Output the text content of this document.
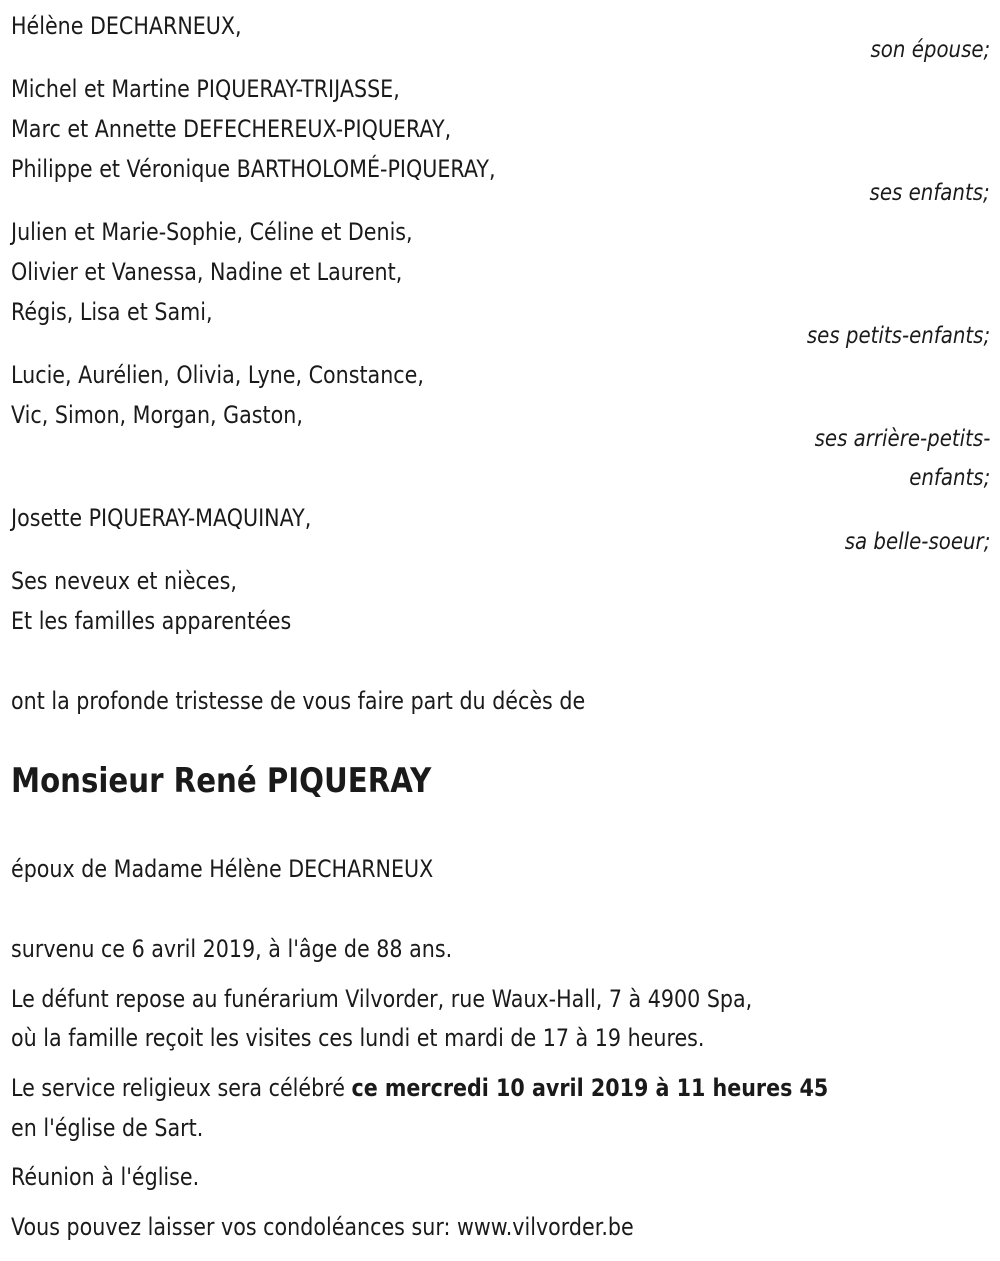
Hélène DECHARNEUX,
son épouse;
Michel et Martine PIQUERAY-TRIJASSE,
Marc et Annette DEFECHEREUX-PIQUERAY,
Philippe et Véronique BARTHOLOMÉ-PIQUERAY,
ses enfants;
Julien et Marie-Sophie, Céline et Denis,
Olivier et Vanessa, Nadine et Laurent,
Régis, Lisa et Sami,
ses petits-enfants;
Lucie, Aurélien, Olivia, Lyne, Constance,
Vic, Simon, Morgan, Gaston,
ses arrière-petits-
enfants;
Josette PIQUERAY-MAQUINAY,
sa belle-soeur;
Ses neveux et nièces,
Et les familles apparentées
ont la profonde tristesse de vous faire part du décès de
Monsieur René PIQUERAY
époux de Madame Hélène DECHARNEUX
survenu ce 6 avril 2019, à l'âge de 88 ans.
Le défunt repose au funérarium Vilvorder, rue Waux-Hall, 7 à 4900 Spa,
où la famille reçoit les visites ces lundi et mardi de 17 à 19 heures.
Le service religieux sera célébré ce mercredi 10 avril 2019 à 11 heures 45
en l'église de Sart.
Réunion à l'église.
Vous pouvez laisser vos condoléances sur: www.vilvorder.be
